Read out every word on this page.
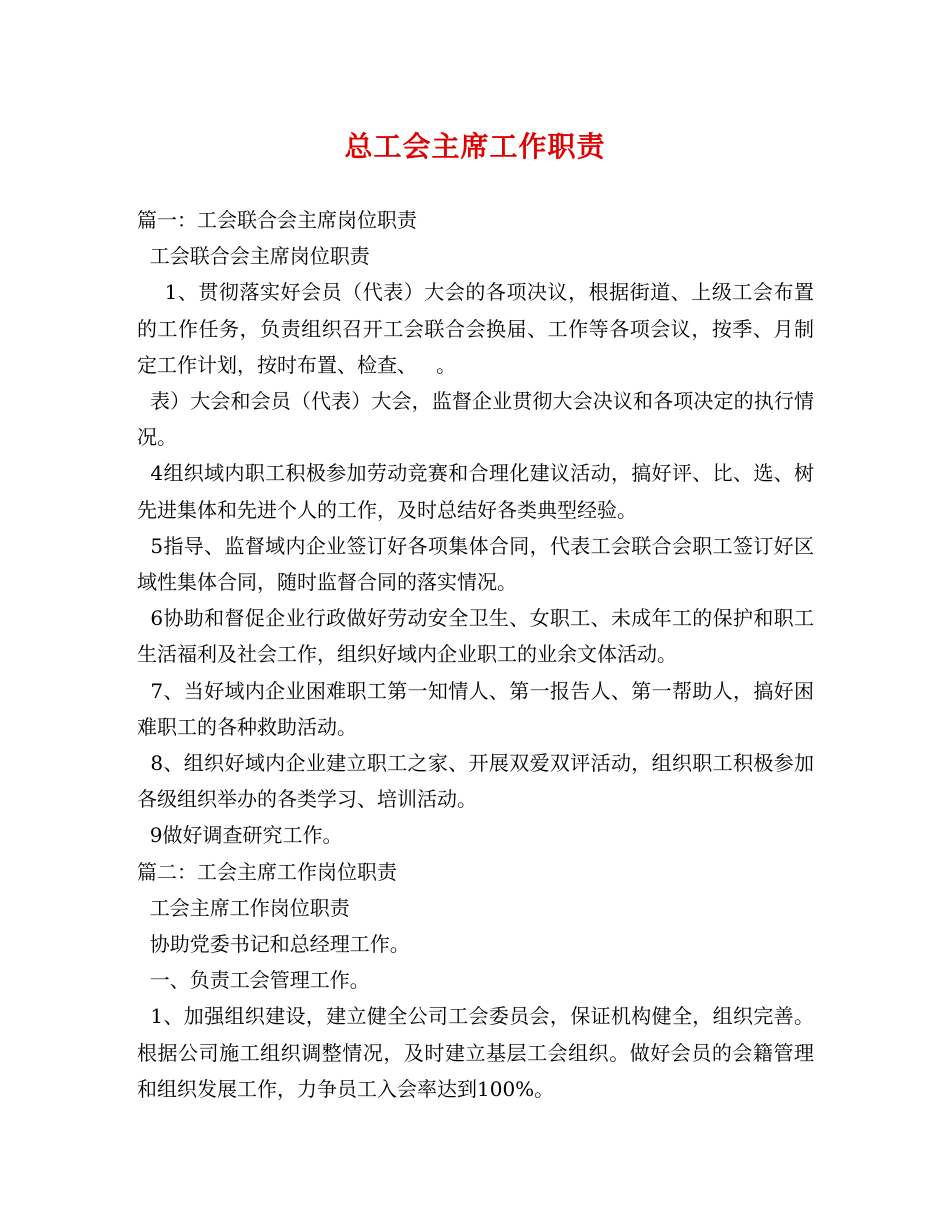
总工会主席工作职责

篇一：工会联合会主席岗位职责

工会联合会主席岗位职责

1、贯彻落实好会员（代表）大会的各项决议，根据街道、上级工会布置的工作任务，负责组织召开工会联合会换届、工作等各项会议，按季、月制定工作计划，按时布置、检查、   。

表）大会和会员（代表）大会，监督企业贯彻大会决议和各项决定的执行情况。

4组织域内职工积极参加劳动竞赛和合理化建议活动，搞好评、比、选、树先进集体和先进个人的工作，及时总结好各类典型经验。

5指导、监督域内企业签订好各项集体合同，代表工会联合会职工签订好区域性集体合同，随时监督合同的落实情况。

6协助和督促企业行政做好劳动安全卫生、女职工、未成年工的保护和职工生活福利及社会工作，组织好域内企业职工的业余文体活动。

7、当好域内企业困难职工第一知情人、第一报告人、第一帮助人，搞好困难职工的各种救助活动。

8、组织好域内企业建立职工之家、开展双爱双评活动，组织职工积极参加各级组织举办的各类学习、培训活动。

9做好调查研究工作。

篇二：工会主席工作岗位职责

工会主席工作岗位职责

协助党委书记和总经理工作。

一、负责工会管理工作。

1、加强组织建设，建立健全公司工会委员会，保证机构健全，组织完善。根据公司施工组织调整情况，及时建立基层工会组织。做好会员的会籍管理和组织发展工作，力争员工入会率达到100%。
